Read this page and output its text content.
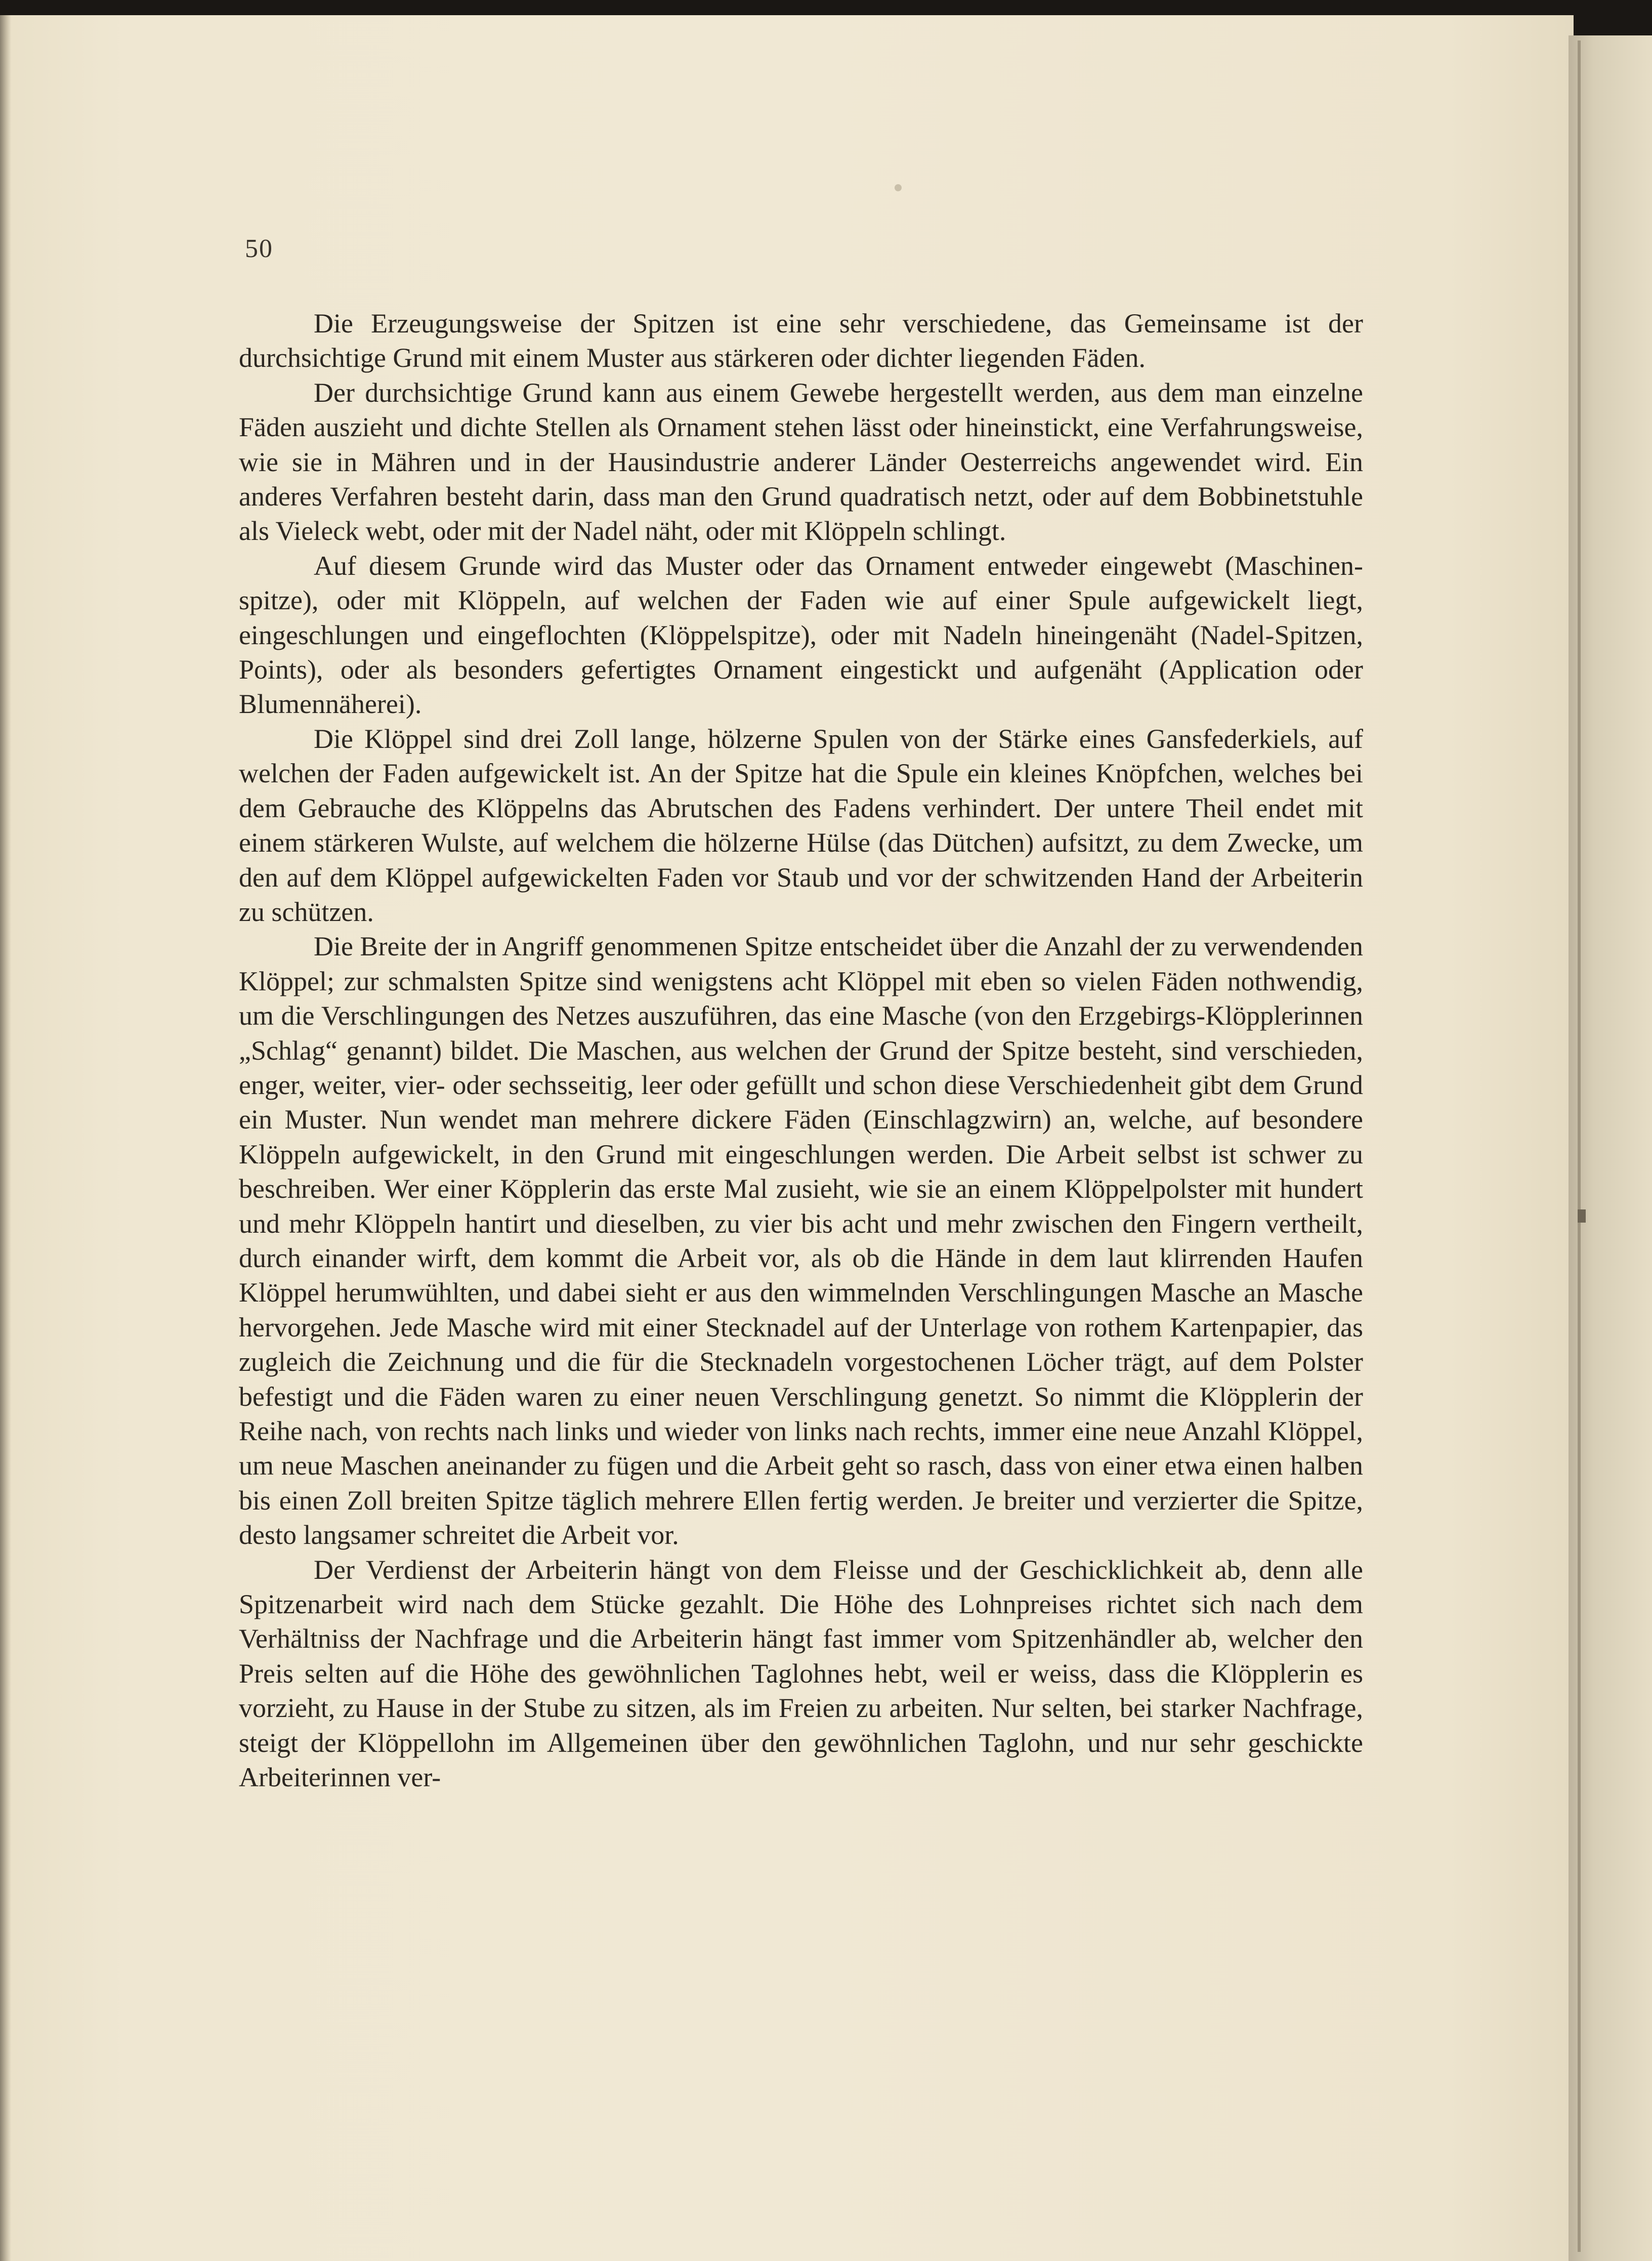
50

Die Erzeugungsweise der Spitzen ist eine sehr verschiedene, das Gemeinsame ist der durchsichtige Grund mit einem Muster aus stärkeren oder dichter liegenden Fäden.

Der durchsichtige Grund kann aus einem Gewebe hergestellt werden, aus dem man einzelne Fäden auszieht und dichte Stellen als Ornament stehen lässt oder hineinstickt, eine Verfahrungsweise, wie sie in Mähren und in der Hausindustrie anderer Länder Oesterreichs angewendet wird. Ein anderes Verfahren besteht darin, dass man den Grund quadratisch netzt, oder auf dem Bobbinetstuhle als Vieleck webt, oder mit der Nadel näht, oder mit Klöppeln schlingt.

Auf diesem Grunde wird das Muster oder das Ornament entweder eingewebt (Maschinenspitze), oder mit Klöppeln, auf welchen der Faden wie auf einer Spule aufgewickelt liegt, eingeschlungen und eingeflochten (Klöppelspitze), oder mit Nadeln hineingenäht (Nadel-Spitzen, Points), oder als besonders gefertigtes Ornament eingestickt und aufgenäht (Application oder Blumennäherei).

Die Klöppel sind drei Zoll lange, hölzerne Spulen von der Stärke eines Gansfederkiels, auf welchen der Faden aufgewickelt ist. An der Spitze hat die Spule ein kleines Knöpfchen, welches bei dem Gebrauche des Klöppelns das Abrutschen des Fadens verhindert. Der untere Theil endet mit einem stärkeren Wulste, auf welchem die hölzerne Hülse (das Dütchen) aufsitzt, zu dem Zwecke, um den auf dem Klöppel aufgewickelten Faden vor Staub und vor der schwitzenden Hand der Arbeiterin zu schützen.

Die Breite der in Angriff genommenen Spitze entscheidet über die Anzahl der zu verwendenden Klöppel; zur schmalsten Spitze sind wenigstens acht Klöppel mit eben so vielen Fäden nothwendig, um die Verschlingungen des Netzes auszuführen, das eine Masche (von den Erzgebirgs-Klöpplerinnen „Schlag“ genannt) bildet. Die Maschen, aus welchen der Grund der Spitze besteht, sind verschieden, enger, weiter, vier- oder sechsseitig, leer oder gefüllt und schon diese Verschiedenheit gibt dem Grund ein Muster. Nun wendet man mehrere dickere Fäden (Einschlagzwirn) an, welche, auf besondere Klöppeln aufgewickelt, in den Grund mit eingeschlungen werden. Die Arbeit selbst ist schwer zu beschreiben. Wer einer Köpplerin das erste Mal zusieht, wie sie an einem Klöppelpolster mit hundert und mehr Klöppeln hantirt und dieselben, zu vier bis acht und mehr zwischen den Fingern vertheilt, durch einander wirft, dem kommt die Arbeit vor, als ob die Hände in dem laut klirrenden Haufen Klöppel herumwühlten, und dabei sieht er aus den wimmelnden Verschlingungen Masche an Masche hervorgehen. Jede Masche wird mit einer Stecknadel auf der Unterlage von rothem Kartenpapier, das zugleich die Zeichnung und die für die Stecknadeln vorgestochenen Löcher trägt, auf dem Polster befestigt und die Fäden waren zu einer neuen Verschlingung genetzt. So nimmt die Klöpplerin der Reihe nach, von rechts nach links und wieder von links nach rechts, immer eine neue Anzahl Klöppel, um neue Maschen aneinander zu fügen und die Arbeit geht so rasch, dass von einer etwa einen halben bis einen Zoll breiten Spitze täglich mehrere Ellen fertig werden. Je breiter und verzierter die Spitze, desto langsamer schreitet die Arbeit vor.

Der Verdienst der Arbeiterin hängt von dem Fleisse und der Geschicklichkeit ab, denn alle Spitzenarbeit wird nach dem Stücke gezahlt. Die Höhe des Lohnpreises richtet sich nach dem Verhältniss der Nachfrage und die Arbeiterin hängt fast immer vom Spitzenhändler ab, welcher den Preis selten auf die Höhe des gewöhnlichen Taglohnes hebt, weil er weiss, dass die Klöpplerin es vorzieht, zu Hause in der Stube zu sitzen, als im Freien zu arbeiten. Nur selten, bei starker Nachfrage, steigt der Klöppellohn im Allgemeinen über den gewöhnlichen Taglohn, und nur sehr geschickte Arbeiterinnen ver-
